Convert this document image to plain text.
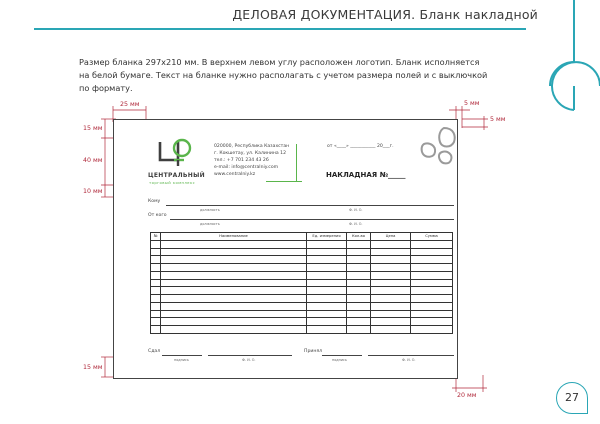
ДЕЛОВАЯ ДОКУМЕНТАЦИЯ. Бланк накладной
Размер бланка 297x210 мм. В верхнем левом углу расположен логотип. Бланк исполняется на белой бумаге. Текст на бланке нужно располагать с учетом размера полей и с выключкой по формату.
25 мм	5 мм
5 мм
15 мм
40 мм
10 мм
15 мм
20 мм
ЦЕНТРАЛЬНЫЙ
торговый комплекс
020000, Республика Казахстан
г. Кокшетау, ул. Калинина 12
тел.: +7 701 234 43 26
e-mail: info@centralniy.com
www.centralniy.kz
от «____» ___________ 20___г.
НАКЛАДНАЯ №_____
Кому
должность	Ф. И. О.
От кого
должность	Ф. И. О.
№	Наименование	Ед. измерения	Кол-во	Цена	Сумма

Сдал
подпись	Ф. И. О.
Принял
подпись	Ф. И. О.
27
